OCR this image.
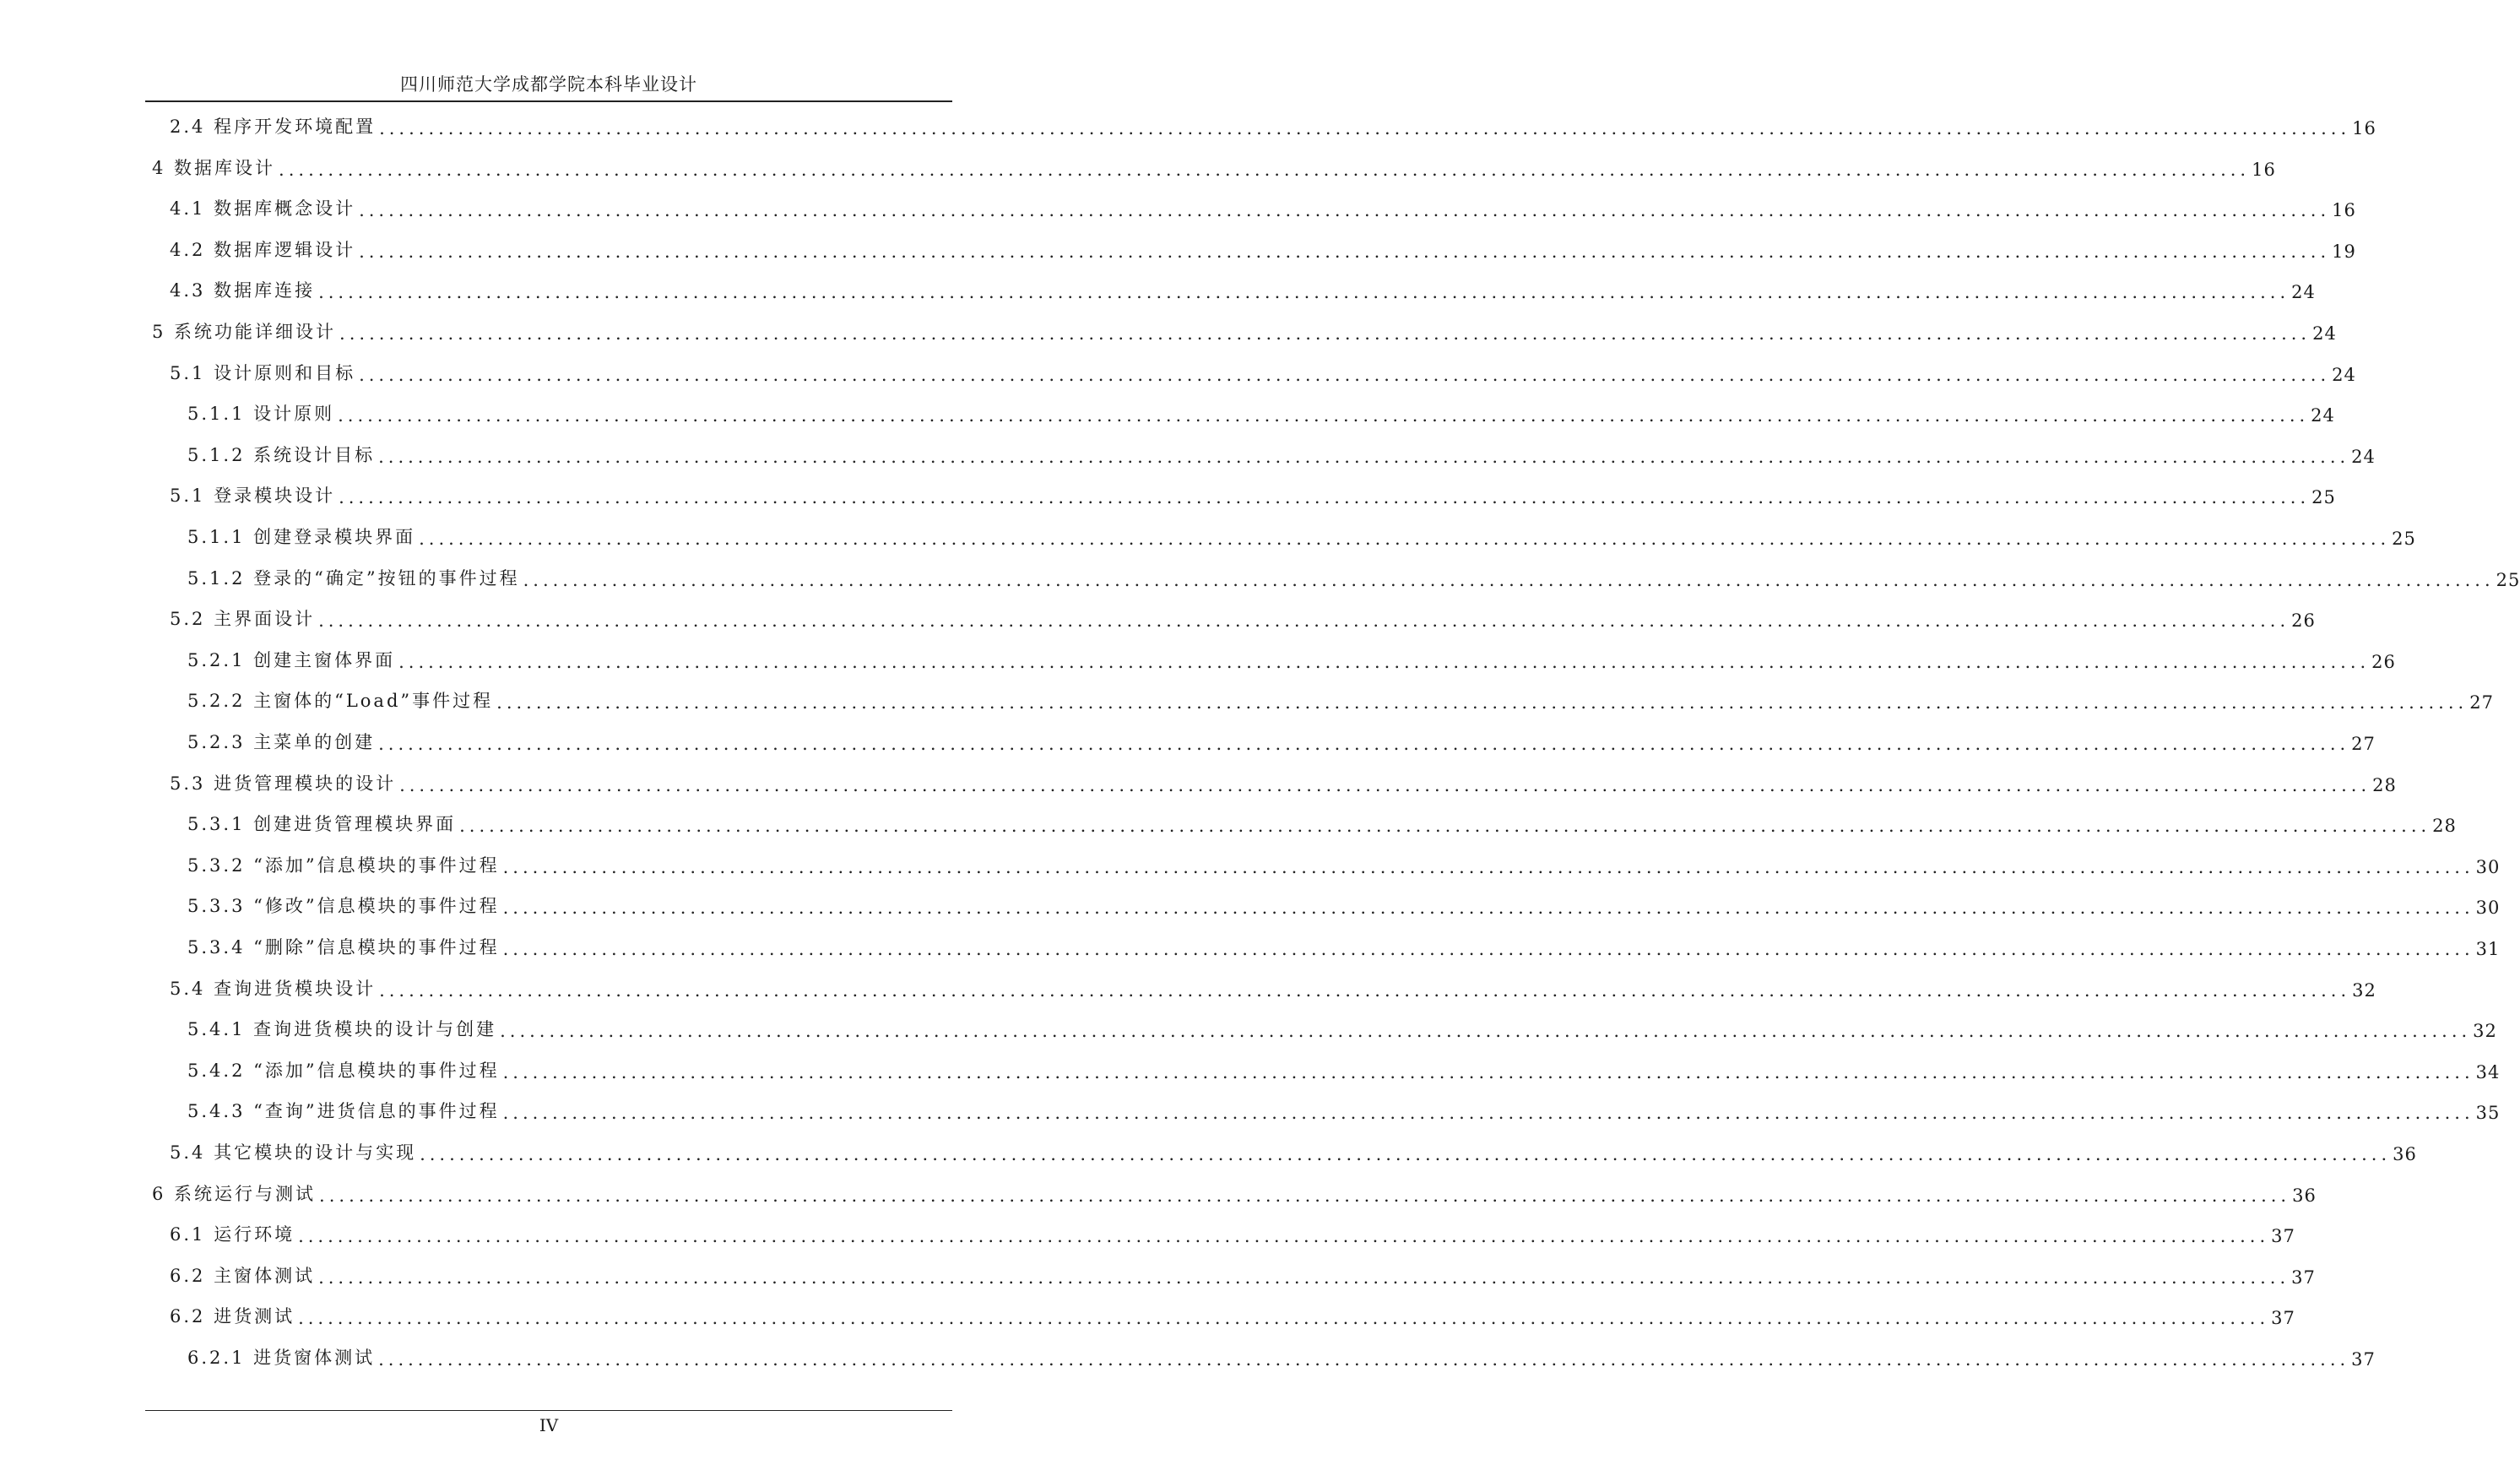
四川师范大学成都学院本科毕业设计
2.4 程序开发环境配置 ........................................................................................................................................................................................................ 16
4 数据库设计 ........................................................................................................................................................................................................ 16
4.1 数据库概念设计 ........................................................................................................................................................................................................ 16
4.2 数据库逻辑设计 ........................................................................................................................................................................................................ 19
4.3 数据库连接 ........................................................................................................................................................................................................ 24
5 系统功能详细设计 ........................................................................................................................................................................................................ 24
5.1 设计原则和目标 ........................................................................................................................................................................................................ 24
5.1.1 设计原则 ........................................................................................................................................................................................................ 24
5.1.2 系统设计目标 ........................................................................................................................................................................................................ 24
5.1 登录模块设计 ........................................................................................................................................................................................................ 25
5.1.1 创建登录模块界面 ........................................................................................................................................................................................................ 25
5.1.2 登录的“确定”按钮的事件过程 ........................................................................................................................................................................................................ 25
5.2 主界面设计 ........................................................................................................................................................................................................ 26
5.2.1 创建主窗体界面 ........................................................................................................................................................................................................ 26
5.2.2 主窗体的“Load”事件过程 ........................................................................................................................................................................................................ 27
5.2.3 主菜单的创建 ........................................................................................................................................................................................................ 27
5.3 进货管理模块的设计 ........................................................................................................................................................................................................ 28
5.3.1 创建进货管理模块界面 ........................................................................................................................................................................................................ 28
5.3.2 “添加”信息模块的事件过程 ........................................................................................................................................................................................................ 30
5.3.3 “修改”信息模块的事件过程 ........................................................................................................................................................................................................ 30
5.3.4 “删除”信息模块的事件过程 ........................................................................................................................................................................................................ 31
5.4 查询进货模块设计 ........................................................................................................................................................................................................ 32
5.4.1 查询进货模块的设计与创建 ........................................................................................................................................................................................................ 32
5.4.2 “添加”信息模块的事件过程 ........................................................................................................................................................................................................ 34
5.4.3 “查询”进货信息的事件过程 ........................................................................................................................................................................................................ 35
5.4 其它模块的设计与实现 ........................................................................................................................................................................................................ 36
6 系统运行与测试 ........................................................................................................................................................................................................ 36
6.1 运行环境 ........................................................................................................................................................................................................ 37
6.2 主窗体测试 ........................................................................................................................................................................................................ 37
6.2 进货测试 ........................................................................................................................................................................................................ 37
6.2.1 进货窗体测试 ........................................................................................................................................................................................................ 37
IV
